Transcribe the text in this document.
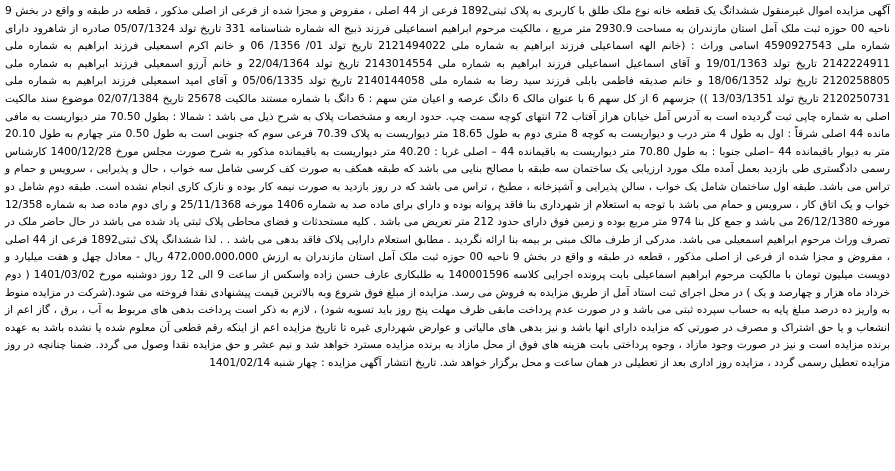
آگهی مزایده اموال غیرمنقول ششدانگ یک قطعه خانه نوع ملک طلق با کاربری به پلاک ثبتی1892 فرعی از 44 اصلی ، مفروض و مجزا شده از فرعی از اصلی مذکور ، قطعه در طبقه و واقع در بخش 9 ناحیه 00 حوزه ثبت ملک آمل استان مازندران به مساحت 2930.9 متر مربع ، مالکیت مرحوم ابراهیم اسماعیلی فرزند ذبیح اله شماره شناسنامه 331 تاریخ تولد 05/07/1324 صادره از شاهرود دارای شماره ملی 4590927543 اسامی وراث : (خانم الهه اسماعیلی فرزند ابراهیم به شماره ملی 2121494022 تاریخ تولد 01/ 1356/ 06 و خانم اکرم اسمعیلی فرزند ابراهیم به شماره ملی 2142224911 تاریخ تولد 19/01/1363 و آقای اسماعیل اسماعیلی فرزند ابراهیم به شماره ملی 2143014554 تاریخ تولد 22/04/1364 و خانم آرزو اسمعیلی فرزند ابراهیم به شماره ملی 2120258805 تاریخ تولد 18/06/1352 و خانم صدیقه فاطمی بابلی فرزند سید رضا به شماره ملی 2140144058 تاریخ تولد 05/06/1335 و آقای امید اسمعیلی فرزند ابراهیم به شماره ملی 2120250731 تاریخ تولد 13/03/1351 )) جزسهم 6 از کل سهم 6 با عنوان مالک 6 دانگ عرصه و اعیان متن سهم : 6 دانگ با شماره مستند مالکیت 25678 تاریخ 02/07/1384 موضوع سند مالکیت اصلی به شماره چاپی ثبت گردیده است به آدرس آمل خیابان هراز آفتاب 72 انتهای کوچه سمت چپ. حدود اربعه و مشخصات پلاک به شرح ذیل می باشد : شمالا : بطول 70.50 متر دیواریست به مافی مانده 44 اصلی شرقاً : اول به طول 4 متر درب و دیواریست به کوچه 8 متری دوم به طول 18.65 متر دیواریست به پلاک 70.39 فرعی سوم که جنوبی است به طول 0.50 متر چهارم به طول 20.10 متر به دیوار باقیمانده 44 –اصلی جنوبا : به طول 70.80 متر دیواریست به باقیمانده 44 – اصلی غربا : 40.20 متر دیواریست به باقیمانده مذکور به شرح صورت مجلس مورخ 1400/12/28 کارشناس رسمی دادگستری طی بازدید بعمل آمده ملک مورد ارزیابی یک ساختمان سه طبقه با مصالح بنایی می باشد که طبقه همکف به صورت کف کرسی شامل سه خواب ، حال و پذیرایی ، سرویس و حمام و تراس می باشد. طبقه اول ساختمان شامل یک خواب ، سالن پذیرایی و آشپزخانه ، مطبخ ، تراس می باشد که در روز بازدید به صورت نیمه کار بوده و نازک کاری انجام نشده است. طبقه دوم شامل دو خواب و یک اتاق کار ، سرویس و حمام می باشد با توجه به استعلام از شهرداری بنا فاقد پروانه بوده و دارای برای ماده صد به شماره 1406 مورخه 25/11/1368 و رای دوم ماده صد به شماره 12/358 مورخه 26/12/1380 می باشد و جمع کل بنا 974 متر مربع بوده و زمین فوق دارای حدود 212 متر تعریض می باشد . کلیه مستحدثات و فضای محاطی پلاک ثبتی یاد شده می باشد در حال حاضر ملک در تصرف وراث مرحوم ابراهیم اسمعیلی می باشد. مدرکی از طرف مالک مبنی بر بیمه بنا ارائه نگردید . مطابق استعلام دارایی پلاک فاقد بدهی می باشد . . لذا ششدانگ پلاک ثبتی1892 فرعی از 44 اصلی ، مفروض و مجزا شده از فرعی از اصلی مذکور ، قطعه در طبقه و واقع در بخش 9 ناحیه 00 حوزه ثبت ملک آمل استان مازندران به ارزش 472،000،000،000 ریال - معادل چهل و هفت میلیارد و دویست میلیون تومان با مالکیت مرحوم ابراهیم اسماعیلی بابت پرونده اجرایی کلاسه 140001596 به طلبکاری عارف حسن زاده واسکس از ساعت 9 الی 12 روز دوشنبه مورخ 1401/03/02 ( دوم خرداد ماه هزار و چهارصد و یک ) در محل اجرای ثبت استاد آمل از طریق مزایده به فروش می رسد. مزایده از مبلغ فوق شروع وبه بالاترین قیمت پیشنهادی نقدا فروخته می شود.(شرکت در مزایده منوط به واریز ده درصد مبلغ پایه به حساب سپرده ثبتی می باشد و در صورت عدم پرداخت مابقی ظرف مهلت پنج روز باید تسویه شود) ، لازم به ذکر است پرداخت بدهی های مربوط به آب ، برق ، گاز اعم از انشعاب و یا حق اشتراک و مصرف در صورتی که مزایده دارای انها باشد و نیز بدهی های مالیاتی و عوارض شهرداری غیره تا تاریخ مزایده اعم از اینکه رقم قطعی آن معلوم شده یا نشده باشد به عهده برنده مزایده است و نیز در صورت وجود مازاد ، وجوه پرداختی بابت هزینه های فوق از محل مازاد به برنده مزایده مسترد خواهد شد و نیم عشر و حق مزایده نقدا وصول می گردد. ضمنا چنانچه در روز مزایده تعطیل رسمی گردد ، مزایده روز اداری بعد از تعطیلی در همان ساعت و محل برگزار خواهد شد. تاریخ انتشار آگهی مزایده : چهار شنبه 1401/02/14
